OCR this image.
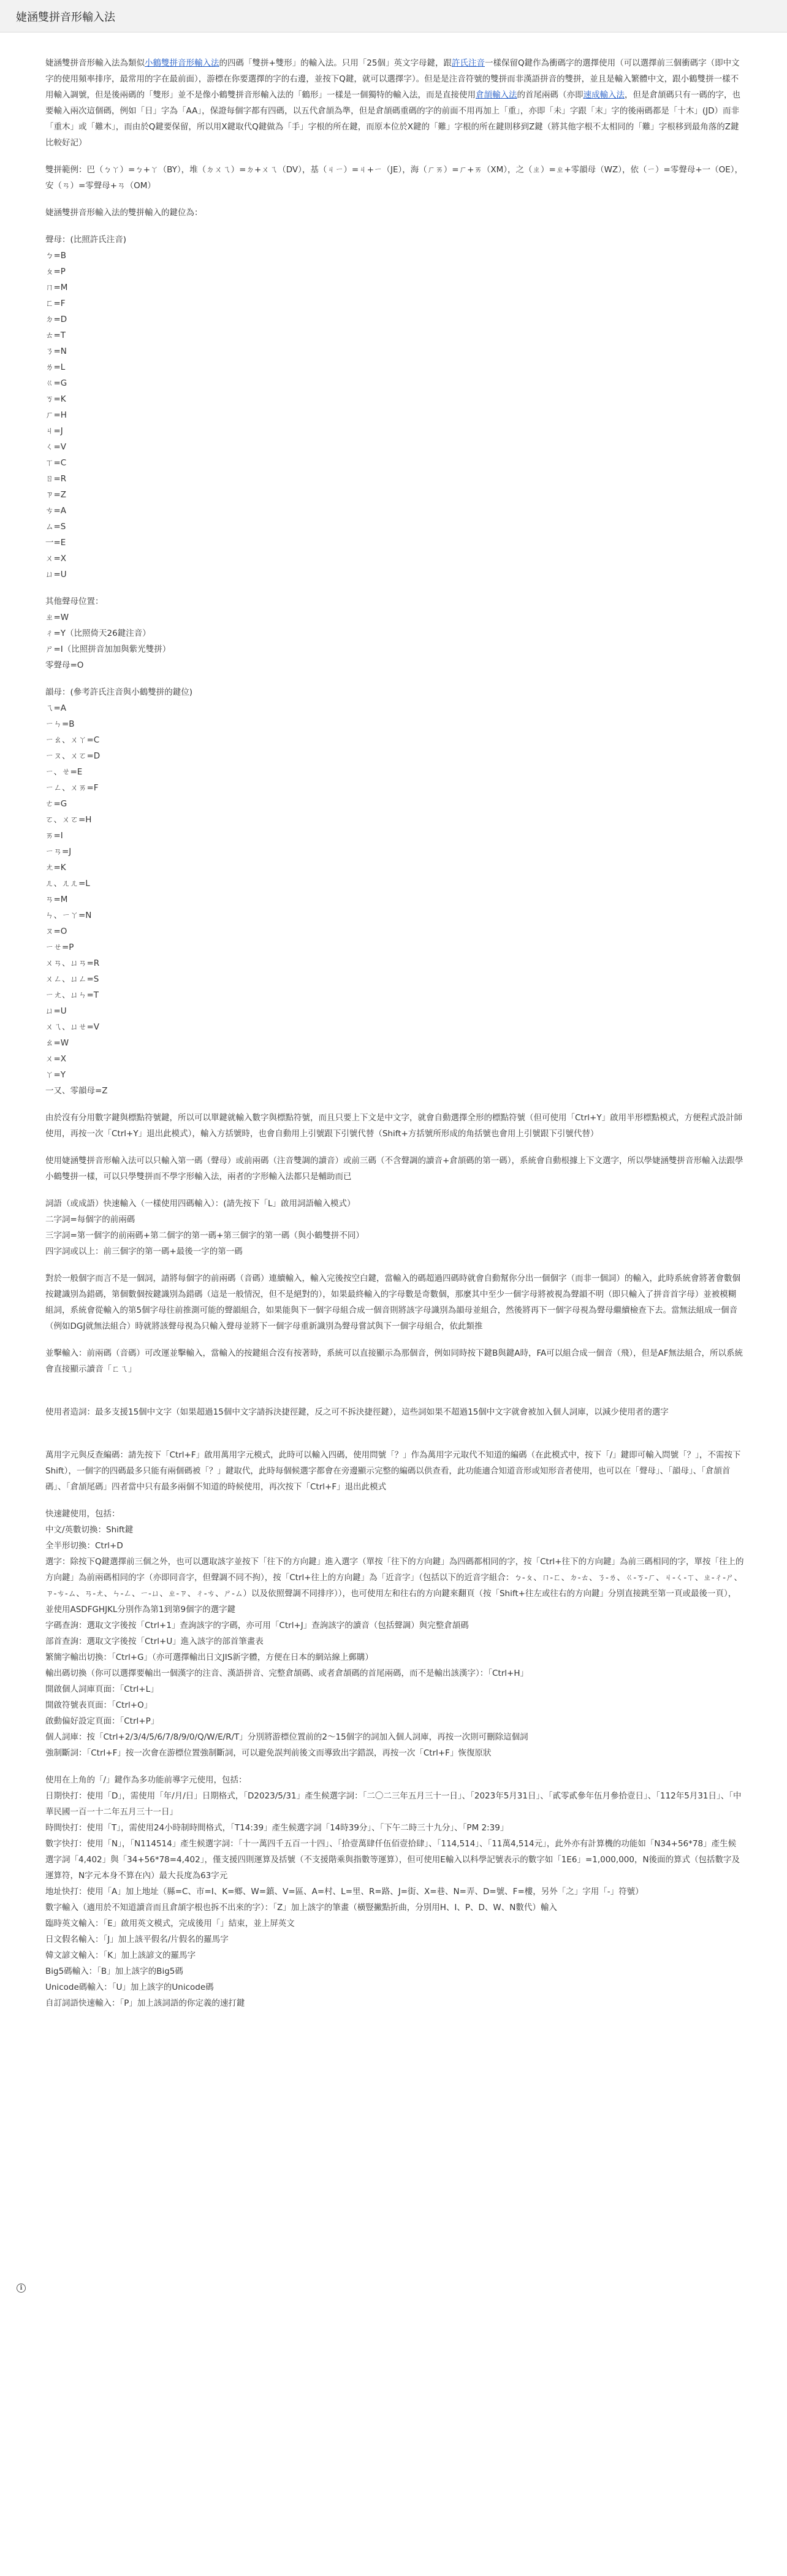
婕涵雙拼音形輸入法

婕涵雙拼音形輸入法為類似小鶴雙拼音形輸入法的四碼「雙拼+雙形」的輸入法。只用「25個」英文字母鍵，跟許氏注音一樣保留Q鍵作為衝碼字的選擇使用（可以選擇前三個衝碼字（即中文字的使用頻率排序，最常用的字在最前面），游標在你要選擇的字的右邊，並按下Q鍵，就可以選擇字）。但是是注音符號的雙拼而非漢語拼音的雙拼，並且是輸入繁體中文，跟小鶴雙拼一樣不用輸入調號，但是後兩碼的「雙形」並不是像小鶴雙拼音形輸入法的「鶴形」一樣是一個獨特的輸入法，而是直接使用倉頡輸入法的首尾兩碼（亦即速成輸入法，但是倉頡碼只有一碼的字，也要輸入兩次這個碼，例如「日」字為「AA」，保證每個字都有四碼，以五代倉頡為準，但是倉頡碼重碼的字的前面不用再加上「重」，亦即「未」字跟「末」字的後兩碼都是「十木」(JD）而非「重木」或「難木」，而由於Q鍵要保留，所以用X鍵取代Q鍵做為「手」字根的所在鍵，而原本位於X鍵的「難」字根的所在鍵則移到Z鍵（將其他字根不太相同的「難」字根移到最角落的Z鍵比較好記）

雙拼範例：巴（ㄅㄚ）=ㄅ+ㄚ（BY），堆（ㄉㄨㄟ）=ㄉ+ㄨㄟ（DV），基（ㄐㄧ）=ㄐ+ㄧ（JE），海（ㄏㄞ）=ㄏ+ㄞ（XM），之（ㄓ）=ㄓ+零韻母（WZ），依（ㄧ）=零聲母+一（OE），安（ㄢ）=零聲母+ㄢ（OM）

婕涵雙拼音形輸入法的雙拼輸入的鍵位為：

聲母：(比照許氏注音)
ㄅ=B
ㄆ=P
ㄇ=M
ㄈ=F
ㄉ=D
ㄊ=T
ㄋ=N
ㄌ=L
ㄍ=G
ㄎ=K
ㄏ=H
ㄐ=J
ㄑ=V
ㄒ=C
ㄖ=R
ㄗ=Z
ㄘ=A
ㄙ=S
一=E
ㄨ=X
ㄩ=U
其他聲母位置：
ㄓ=W
ㄔ=Y（比照倚天26鍵注音）
ㄕ=I（比照拼音加加與紫光雙拼）
零聲母=O
韻母：(參考許氏注音與小鶴雙拼的鍵位)
ㄟ=A
ㄧㄣ=B
ㄧㄠ、ㄨㄚ=C
ㄧㄡ、ㄨㄛ=D
ㄧ、ㄝ=E
ㄧㄥ、ㄨㄞ=F
ㄜ=G
ㄛ、ㄨㄛ=H
ㄞ=I
ㄧㄢ=J
ㄤ=K
ㄦ、ㄦㄦ=L
ㄢ=M
ㄣ、ㄧㄚ=N
ㄡ=O
ㄧㄝ=P
ㄨㄢ、ㄩㄢ=R
ㄨㄥ、ㄩㄥ=S
ㄧㄤ、ㄩㄣ=T
ㄩ=U
ㄨㄟ、ㄩㄝ=V
ㄠ=W
ㄨ=X
ㄚ=Y
一又、零韻母=Z

由於沒有分用數字鍵與標點符號鍵，所以可以單鍵就輸入數字與標點符號，而且只要上下文是中文字，就會自動選擇全形的標點符號（但可使用「Ctrl+Y」啟用半形標點模式，方便程式設計師使用，再按一次「Ctrl+Y」退出此模式），輸入方括號時，也會自動用上引號跟下引號代替（Shift+方括號所形成的角括號也會用上引號跟下引號代替）

使用婕涵雙拼音形輸入法可以只輸入第一碼（聲母）或前兩碼（注音雙調的讀音）或前三碼（不含聲調的讀音+倉頡碼的第一碼），系統會自動根據上下文選字，所以學婕涵雙拼音形輸入法跟學小鶴雙拼一樣，可以只學雙拼而不學字形輸入法，兩者的字形輸入法都只是輔助而已

詞語（或成語）快速輸入（一樣使用四碼輸入）：(請先按下「L」啟用詞語輸入模式）
二字詞=每個字的前兩碼
三字詞=第一個字的前兩碼+第二個字的第一碼+第三個字的第一碼（與小鶴雙拼不同）
四字詞或以上：前三個字的第一碼+最後一字的第一碼

對於一般個字而言不是一個詞，請將每個字的前兩碼（音碼）連續輸入，輸入完後按空白鍵，當輸入的碼超過四碼時就會自動幫你分出一個個字（而非一個詞）的輸入，此時系統會將著會數個按鍵識別為錯碼，第個數個按鍵識別為錯碼（這是一般情況，但不是絕對的），如果最終輸入的字母數是奇數個，那麼其中至少一個字母將被視為聲韻不明（即只輸入了拼音首字母）並被模糊組詞，系統會從輸入的第5個字母往前推測可能的聲韻組合，如果能與下一個字母組合成一個音則將該字母識別為韻母並組合，然後將再下一個字母視為聲母繼續檢查下去。當無法組成一個音（例如DGJ就無法組合）時就將該聲母視為只輸入聲母並將下一個字母重新識別為聲母嘗試與下一個字母組合，依此類推

並擊輸入：前兩碼（音碼）可改運並擊輸入，當輸入的按鍵組合沒有按著時，系統可以直接顯示為那個音，例如同時按下鍵B與鍵A時，FA可以組合成一個音（飛），但是AF無法組合，所以系統會直接顯示讀音「ㄈㄟ」

使用者造詞：最多支援15個中文字（如果超過15個中文字請拆決捷徑鍵，反之可不拆決捷徑鍵），這些詞如果不超過15個中文字就會被加入個人詞庫，以減少使用者的選字

萬用字元與反查編碼：請先按下「Ctrl+F」啟用萬用字元模式，此時可以輸入四碼，使用問號「？」作為萬用字元取代不知道的編碼（在此模式中，按下「/」鍵即可輸入問號「？」，不需按下Shift），一個字的四碼最多只能有兩個碼被「？」鍵取代，此時每個候選字都會在旁邊顯示完整的編碼以供查看，此功能適合知道音形或知形音者使用，也可以在「聲母」、「韻母」、「倉頡首碼」、「倉頡尾碼」四者當中只有最多兩個不知道的時候使用，再次按下「Ctrl+F」退出此模式

快速鍵使用，包括：
中文/英數切換：Shift鍵
全半形切換：Ctrl+D
選字：除按下Q鍵選擇前三個之外，也可以選取該字並按下「往下的方向鍵」進入選字（單按「往下的方向鍵」為四碼都相同的字，按「Ctrl+往下的方向鍵」為前三碼相同的字，單按「往上的方向鍵」為前兩碼相同的字（亦即同音字，但聲調不同不拘），按「Ctrl+往上的方向鍵」為「近音字」（包括以下的近音字組合：ㄅ-ㄆ、ㄇ-ㄈ、ㄉ-ㄊ、ㄋ-ㄌ、ㄍ-ㄎ-ㄏ、ㄐ-ㄑ-ㄒ、ㄓ-ㄔ-ㄕ、ㄗ-ㄘ-ㄙ、ㄢ-ㄤ、ㄣ-ㄥ、ㄧ-ㄩ、ㄓ-ㄗ、ㄔ-ㄘ、ㄕ-ㄙ）以及依照聲調不同排序）），也可使用左和往右的方向鍵來翻頁（按「Shift+往左或往右的方向鍵」分別直接跳至第一頁或最後一頁），並使用ASDFGHJKL分別作為第1到第9個字的選字鍵
字碼查詢：選取文字後按「Ctrl+1」查詢該字的字碼，亦可用「Ctrl+J」查詢該字的讀音（包括聲調）與完整倉頡碼
部首查詢：選取文字後按「Ctrl+U」進入該字的部首筆畫表
繁簡字輸出切換：「Ctrl+G」（亦可選擇輸出日文JIS新字體，方便在日本的網站線上郵購）
輸出碼切換（你可以選擇要輸出一個漢字的注音、漢語拼音、完整倉頡碼、或者倉頡碼的首尾兩碼，而不是輸出該漢字）：「Ctrl+H」
開啟個人詞庫頁面：「Ctrl+L」
開啟符號表頁面：「Ctrl+O」
啟動偏好設定頁面：「Ctrl+P」
個人詞庫：按「Ctrl+2/3/4/5/6/7/8/9/0/Q/W/E/R/T」分別將游標位置前的2〜15個字的詞加入個人詞庫，再按一次則可刪除這個詞
強制斷詞：「Ctrl+F」按一次會在游標位置強制斷詞，可以避免誤判前後文而導致出字錯誤，再按一次「Ctrl+F」恢復原狀
使用在上角的「/」鍵作為多功能前導字元使用，包括：
日期快打：使用「D」，需使用「年/月/日」日期格式，「D2023/5/31」產生候選字詞：「二〇二三年五月三十一日」、「2023年5月31日」、「貳零貳參年伍月參拾壹日」、「112年5月31日」、「中華民國一百一十二年五月三十一日」
時間快打：使用「T」，需使用24小時制時間格式，「T14:39」產生候選字詞「14時39分」、「下午二時三十九分」、「PM 2:39」
數字快打：使用「N」，「N114514」產生候選字詞：「十一萬四千五百一十四」、「拾壹萬肆仟伍佰壹拾肆」、「114,514」、「11萬4,514元」，此外亦有計算機的功能如「N34+56*78」產生候選字詞「4,402」與「34+56*78=4,402」，僅支援四則運算及括號（不支援階乘與指數等運算），但可使用E輸入以科學記號表示的數字如「1E6」=1,000,000，N後面的算式（包括數字及運算符，N字元本身不算在內）最大長度為63字元
地址快打：使用「A」加上地址（縣=C、市=I、K=鄉、W=鎮、V=區、A=村、L=里、R=路、J=街、X=巷、N=弄、D=號、F=樓，另外「之」字用「-」符號）
數字輸入（適用於不知道讀音而且倉頡字根也拆不出來的字）：「Z」加上該字的筆畫（橫豎撇點折曲，分別用H、I、P、D、W、N數代）輸入
臨時英文輸入：「E」啟用英文模式，完成後用「」結束，並上屏英文
日文假名輸入：「J」加上該平假名/片假名的羅馬字
韓文諺文輸入：「K」加上該諺文的羅馬字
Big5碼輸入：「B」加上該字的Big5碼
Unicode碼輸入：「U」加上該字的Unicode碼
自訂詞語快速輸入：「P」加上該詞語的你定義的速打鍵
i
